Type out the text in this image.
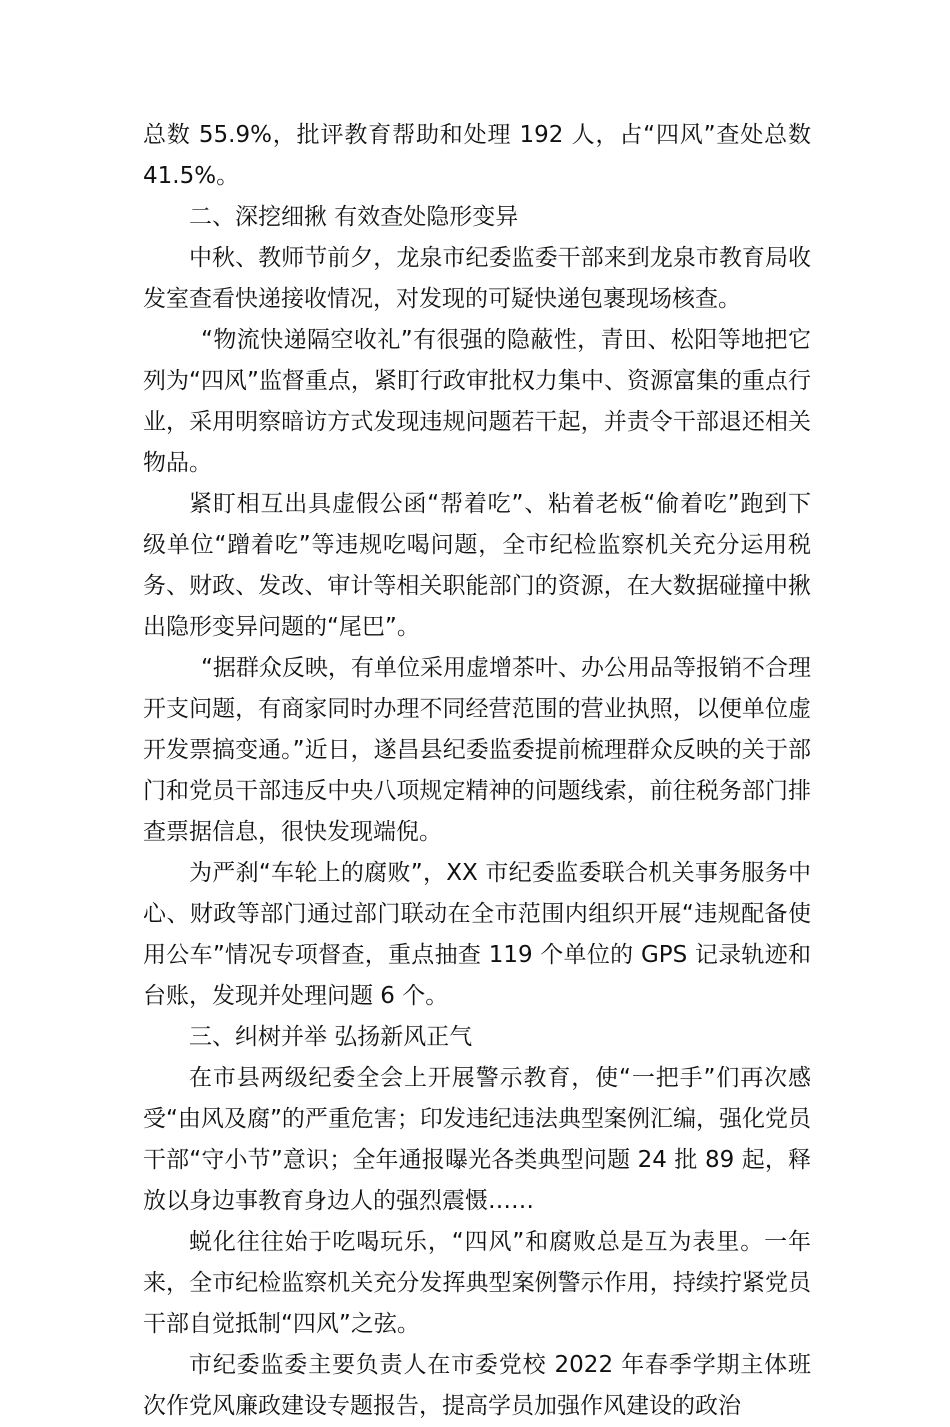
总数 55.9%，批评教育帮助和处理 192 人，占“四风”查处总数 41.5%。

二、深挖细揪 有效查处隐形变异

中秋、教师节前夕，龙泉市纪委监委干部来到龙泉市教育局收发室查看快递接收情况，对发现的可疑快递包裹现场核查。

“物流快递隔空收礼”有很强的隐蔽性，青田、松阳等地把它列为“四风”监督重点，紧盯行政审批权力集中、资源富集的重点行业，采用明察暗访方式发现违规问题若干起，并责令干部退还相关物品。

紧盯相互出具虚假公函“帮着吃”、粘着老板“偷着吃”跑到下级单位“蹭着吃”等违规吃喝问题，全市纪检监察机关充分运用税务、财政、发改、审计等相关职能部门的资源，在大数据碰撞中揪出隐形变异问题的“尾巴”。

“据群众反映，有单位采用虚增茶叶、办公用品等报销不合理开支问题，有商家同时办理不同经营范围的营业执照，以便单位虚开发票搞变通。”近日，遂昌县纪委监委提前梳理群众反映的关于部门和党员干部违反中央八项规定精神的问题线索，前往税务部门排查票据信息，很快发现端倪。

为严刹“车轮上的腐败”，XX 市纪委监委联合机关事务服务中心、财政等部门通过部门联动在全市范围内组织开展“违规配备使用公车”情况专项督查，重点抽查 119 个单位的 GPS 记录轨迹和台账，发现并处理问题 6 个。

三、纠树并举 弘扬新风正气

在市县两级纪委全会上开展警示教育，使“一把手”们再次感受“由风及腐”的严重危害；印发违纪违法典型案例汇编，强化党员干部“守小节”意识；全年通报曝光各类典型问题 24 批 89 起，释放以身边事教育身边人的强烈震慑……

蜕化往往始于吃喝玩乐，“四风”和腐败总是互为表里。一年来，全市纪检监察机关充分发挥典型案例警示作用，持续拧紧党员干部自觉抵制“四风”之弦。

市纪委监委主要负责人在市委党校 2022 年春季学期主体班次作党风廉政建设专题报告，提高学员加强作风建设的政治
